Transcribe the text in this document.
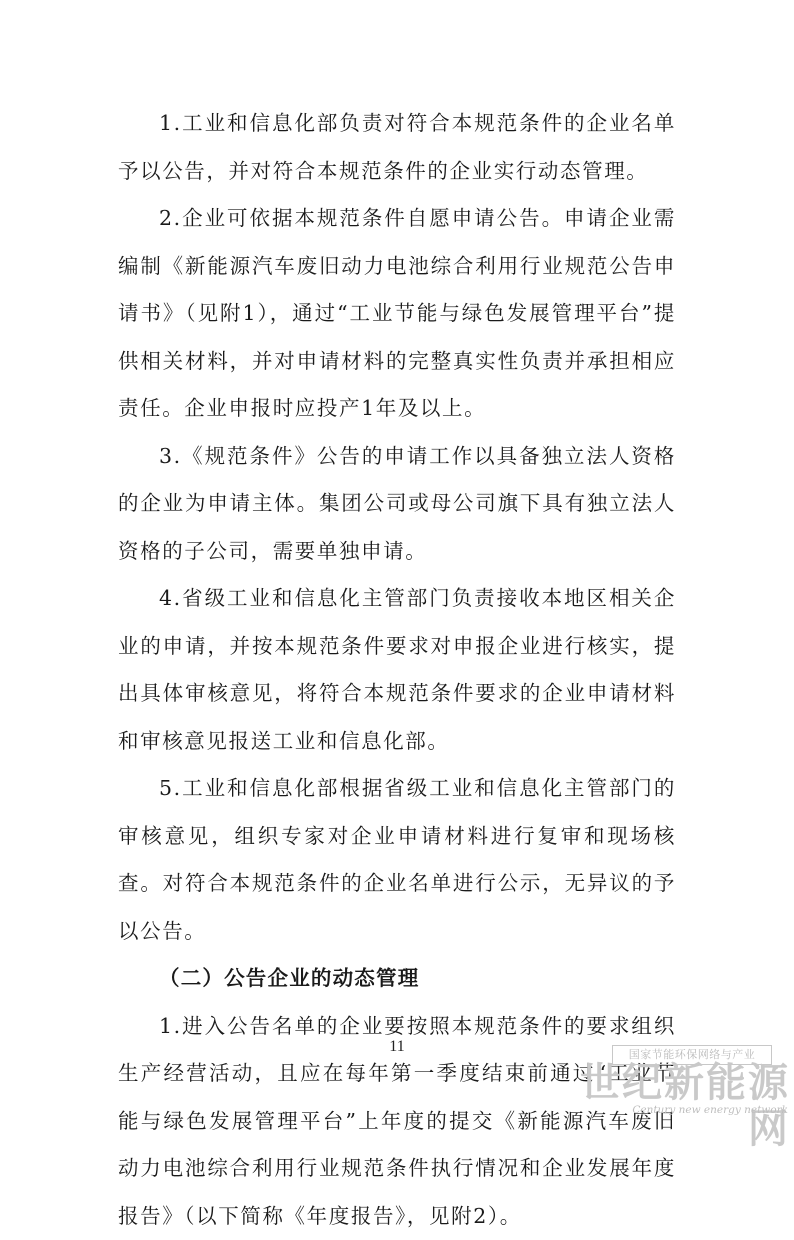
1.工业和信息化部负责对符合本规范条件的企业名单予以公告，并对符合本规范条件的企业实行动态管理。

2.企业可依据本规范条件自愿申请公告。申请企业需编制《新能源汽车废旧动力电池综合利用行业规范公告申请书》（见附1），通过“工业节能与绿色发展管理平台”提供相关材料，并对申请材料的完整真实性负责并承担相应责任。企业申报时应投产1年及以上。

3.《规范条件》公告的申请工作以具备独立法人资格的企业为申请主体。集团公司或母公司旗下具有独立法人资格的子公司，需要单独申请。

4.省级工业和信息化主管部门负责接收本地区相关企业的申请，并按本规范条件要求对申报企业进行核实，提出具体审核意见，将符合本规范条件要求的企业申请材料和审核意见报送工业和信息化部。

5.工业和信息化部根据省级工业和信息化主管部门的审核意见，组织专家对企业申请材料进行复审和现场核查。对符合本规范条件的企业名单进行公示，无异议的予以公告。

（二）公告企业的动态管理

1.进入公告名单的企业要按照本规范条件的要求组织生产经营活动，且应在每年第一季度结束前通过“工业节能与绿色发展管理平台”上年度的提交《新能源汽车废旧动力电池综合利用行业规范条件执行情况和企业发展年度报告》（以下简称《年度报告》，见附2）。

11	国家节能环保网络与产业
世纪新能源网
Century new energy network
